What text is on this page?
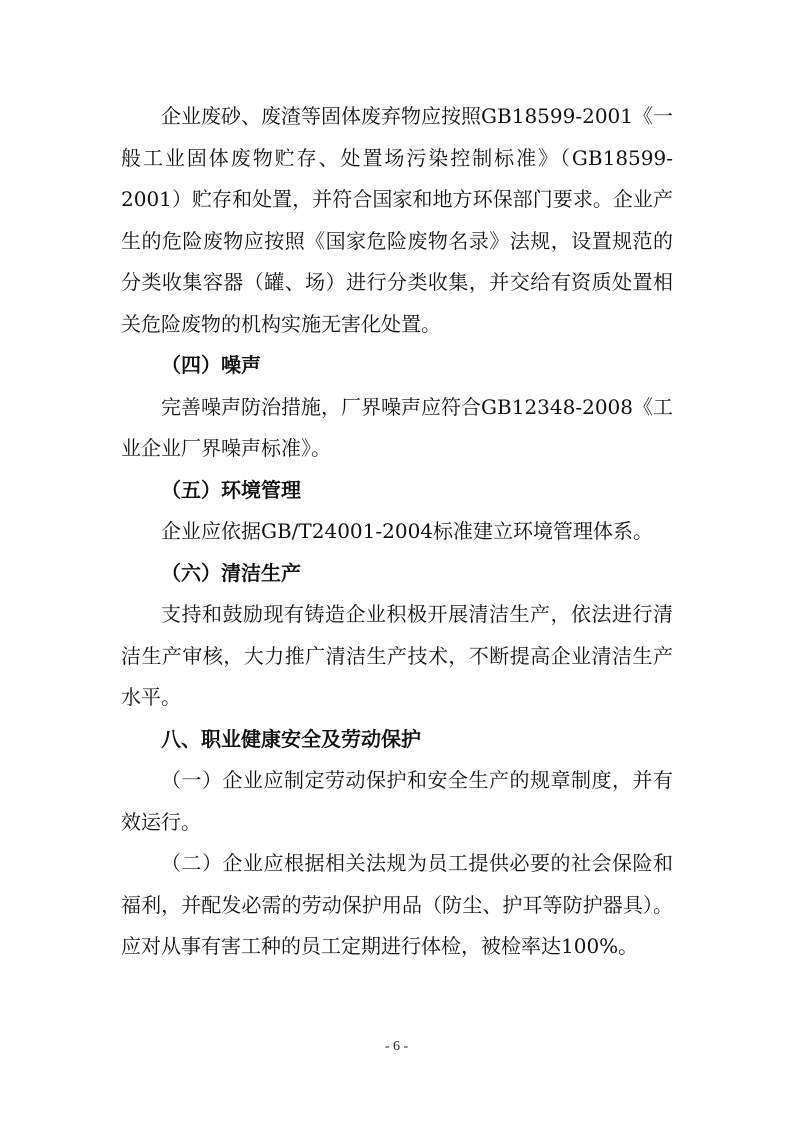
企业废砂、废渣等固体废弃物应按照GB18599-2001《一般工业固体废物贮存、处置场污染控制标准》（GB18599-2001）贮存和处置，并符合国家和地方环保部门要求。企业产生的危险废物应按照《国家危险废物名录》法规，设置规范的分类收集容器（罐、场）进行分类收集，并交给有资质处置相关危险废物的机构实施无害化处置。

（四）噪声

完善噪声防治措施，厂界噪声应符合GB12348-2008《工业企业厂界噪声标准》。

（五）环境管理

企业应依据GB/T24001-2004标准建立环境管理体系。

（六）清洁生产

支持和鼓励现有铸造企业积极开展清洁生产，依法进行清洁生产审核，大力推广清洁生产技术，不断提高企业清洁生产水平。

八、职业健康安全及劳动保护

（一）企业应制定劳动保护和安全生产的规章制度，并有效运行。

（二）企业应根据相关法规为员工提供必要的社会保险和福利，并配发必需的劳动保护用品（防尘、护耳等防护器具）。应对从事有害工种的员工定期进行体检，被检率达100%。

- 6 -
